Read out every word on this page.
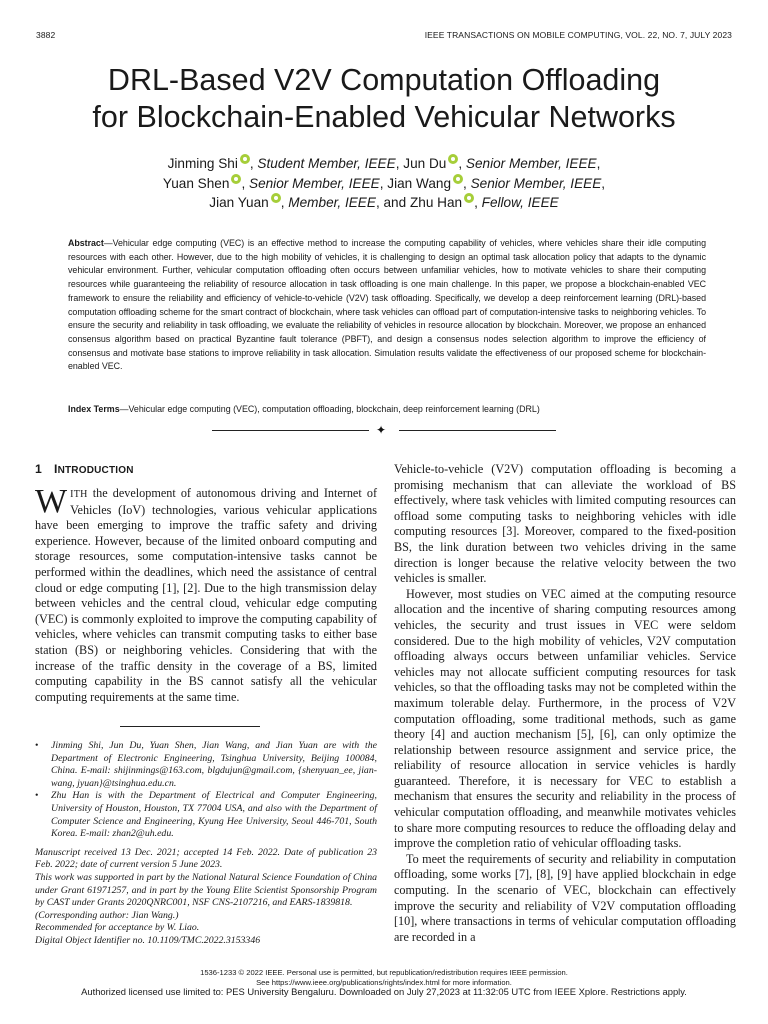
3882	IEEE TRANSACTIONS ON MOBILE COMPUTING, VOL. 22, NO. 7, JULY 2023
DRL-Based V2V Computation Offloading
for Blockchain-Enabled Vehicular Networks
Jinming Shi , Student Member, IEEE, Jun Du , Senior Member, IEEE,
Yuan Shen , Senior Member, IEEE, Jian Wang , Senior Member, IEEE,
Jian Yuan , Member, IEEE, and Zhu Han , Fellow, IEEE
Abstract—Vehicular edge computing (VEC) is an effective method to increase the computing capability of vehicles, where vehicles share their idle computing resources with each other. However, due to the high mobility of vehicles, it is challenging to design an optimal task allocation policy that adapts to the dynamic vehicular environment. Further, vehicular computation offloading often occurs between unfamiliar vehicles, how to motivate vehicles to share their computing resources while guaranteeing the reliability of resource allocation in task offloading is one main challenge. In this paper, we propose a blockchain-enabled VEC framework to ensure the reliability and efficiency of vehicle-to-vehicle (V2V) task offloading. Specifically, we develop a deep reinforcement learning (DRL)-based computation offloading scheme for the smart contract of blockchain, where task vehicles can offload part of computation-intensive tasks to neighboring vehicles. To ensure the security and reliability in task offloading, we evaluate the reliability of vehicles in resource allocation by blockchain. Moreover, we propose an enhanced consensus algorithm based on practical Byzantine fault tolerance (PBFT), and design a consensus nodes selection algorithm to improve the efficiency of consensus and motivate base stations to improve reliability in task allocation. Simulation results validate the effectiveness of our proposed scheme for blockchain-enabled VEC.
Index Terms—Vehicular edge computing (VEC), computation offloading, blockchain, deep reinforcement learning (DRL)
✦
1 INTRODUCTION

WITH the development of autonomous driving and Internet of Vehicles (IoV) technologies, various vehicular applications have been emerging to improve the traffic safety and driving experience. However, because of the limited onboard computing and storage resources, some computation-intensive tasks cannot be performed within the deadlines, which need the assistance of central cloud or edge computing [1], [2]. Due to the high transmission delay between vehicles and the central cloud, vehicular edge computing (VEC) is commonly exploited to improve the computing capability of vehicles, where vehicles can transmit computing tasks to either base station (BS) or neighboring vehicles. Considering that with the increase of the traffic density in the coverage of a BS, limited computing capability in the BS cannot satisfy all the vehicular computing requirements at the same time.

• Jinming Shi, Jun Du, Yuan Shen, Jian Wang, and Jian Yuan are with the Department of Electronic Engineering, Tsinghua University, Beijing 100084, China. E-mail: shijinmings@163.com, blgdujun@gmail.com, {shenyuan_ee, jian-wang, jyuan}@tsinghua.edu.cn.

• Zhu Han is with the Department of Electrical and Computer Engineering, University of Houston, Houston, TX 77004 USA, and also with the Department of Computer Science and Engineering, Kyung Hee University, Seoul 446-701, South Korea. E-mail: zhan2@uh.edu.

Manuscript received 13 Dec. 2021; accepted 14 Feb. 2022. Date of publication 23 Feb. 2022; date of current version 5 June 2023.
This work was supported in part by the National Natural Science Foundation of China under Grant 61971257, and in part by the Young Elite Scientist Sponsorship Program by CAST under Grants 2020QNRC001, NSF CNS-2107216, and EARS-1839818.
(Corresponding author: Jian Wang.)
Recommended for acceptance by W. Liao.
Digital Object Identifier no. 10.1109/TMC.2022.3153346

Vehicle-to-vehicle (V2V) computation offloading is becoming a promising mechanism that can alleviate the workload of BS effectively, where task vehicles with limited computing resources can offload some computing tasks to neighboring vehicles with idle computing resources [3]. Moreover, compared to the fixed-position BS, the link duration between two vehicles driving in the same direction is longer because the relative velocity between the two vehicles is smaller.

However, most studies on VEC aimed at the computing resource allocation and the incentive of sharing computing resources among vehicles, the security and trust issues in VEC were seldom considered. Due to the high mobility of vehicles, V2V computation offloading always occurs between unfamiliar vehicles. Service vehicles may not allocate sufficient computing resources for task vehicles, so that the offloading tasks may not be completed within the maximum tolerable delay. Furthermore, in the process of V2V computation offloading, some traditional methods, such as game theory [4] and auction mechanism [5], [6], can only optimize the relationship between resource assignment and service price, the reliability of resource allocation in service vehicles is hardly guaranteed. Therefore, it is necessary for VEC to establish a mechanism that ensures the security and reliability in the process of vehicular computation offloading, and meanwhile motivates vehicles to share more computing resources to reduce the offloading delay and improve the completion ratio of vehicular offloading tasks.

To meet the requirements of security and reliability in computation offloading, some works [7], [8], [9] have applied blockchain in edge computing. In the scenario of VEC, blockchain can effectively improve the security and reliability of V2V computation offloading [10], where transactions in terms of vehicular computation offloading are recorded in a

1536-1233 © 2022 IEEE. Personal use is permitted, but republication/redistribution requires IEEE permission.
See https://www.ieee.org/publications/rights/index.html for more information.
Authorized licensed use limited to: PES University Bengaluru. Downloaded on July 27,2023 at 11:32:05 UTC from IEEE Xplore. Restrictions apply.
